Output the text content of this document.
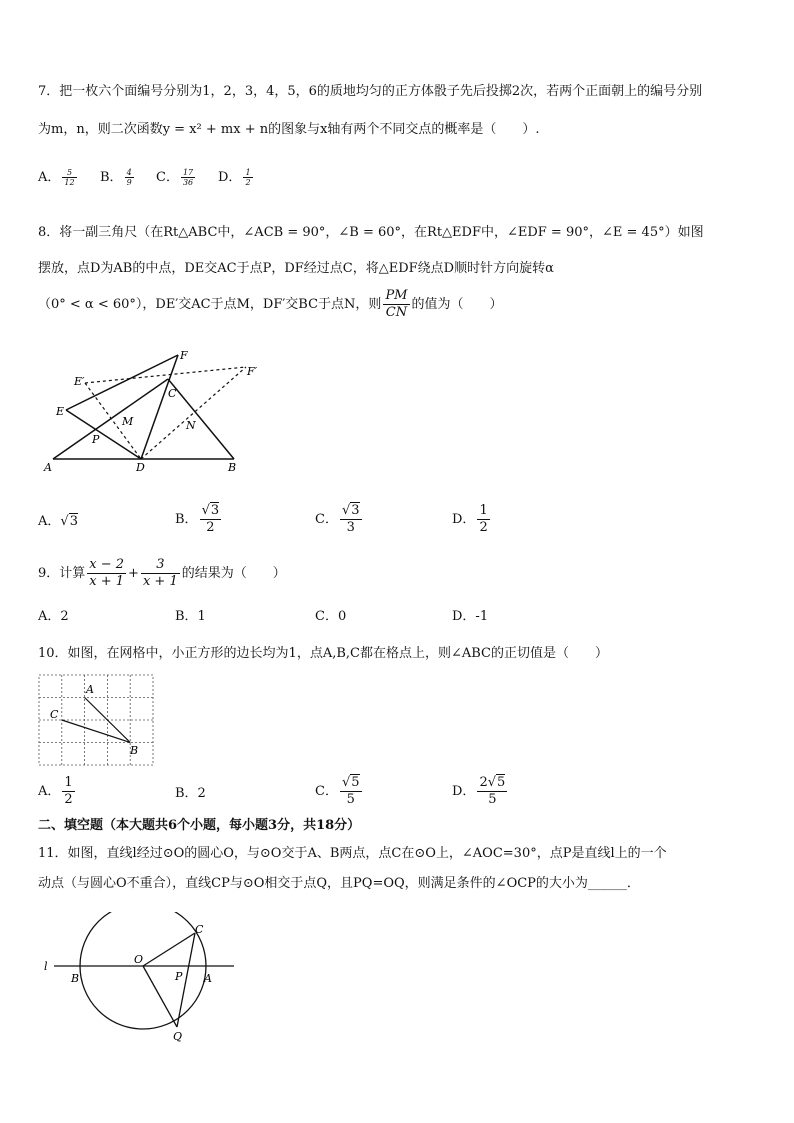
7．把一枚六个面编号分别为1，2，3，4，5，6的质地均匀的正方体骰子先后投掷2次，若两个正面朝上的编号分别
为m，n，则二次函数y = x² + mx + n的图象与x轴有两个不同交点的概率是（　　）.
A． $\frac{5}{12}$ B． $\frac{4}{9}$ C． $\frac{17}{36}$ D． $\frac{1}{2}$
8．将一副三角尺（在Rt△ABC中，∠ACB = 90°，∠B = 60°，在Rt△EDF中，∠EDF = 90°，∠E = 45°）如图
摆放，点D为AB的中点，DE交AC于点P，DF经过点C，将△EDF绕点D顺时针方向旋转α
（0° < α < 60°），DE′交AC于点M，DF′交BC于点N，则 $\frac{PM}{CN}$ 的值为（　　）
F
E′
F′
C
E
M
P
N
A	D	B
A．√3	B． $\frac{√3}{2}$	C． $\frac{√3}{3}$	D． $\frac{1}{2}$
9．计算 $\frac{x - 2}{x + 1} + \frac{3}{x + 1}$ 的结果为（　　）
A．2	B．1	C．0	D．-1
10．如图，在网格中，小正方形的边长均为1，点A,B,C都在格点上，则∠ABC的正切值是（　　）
A
C
B
A． $\frac{1}{2}$	B．2	C． $\frac{√5}{5}$	D． $\frac{2√5}{5}$
二、填空题（本大题共6个小题，每小题3分，共18分）
11．如图，直线l经过⊙O的圆心O，与⊙O交于A、B两点，点C在⊙O上，∠AOC=30°，点P是直线l上的一个
动点（与圆心O不重合），直线CP与⊙O相交于点Q，且PQ=OQ，则满足条件的∠OCP的大小为______．
l
O
C
B	P A
Q
